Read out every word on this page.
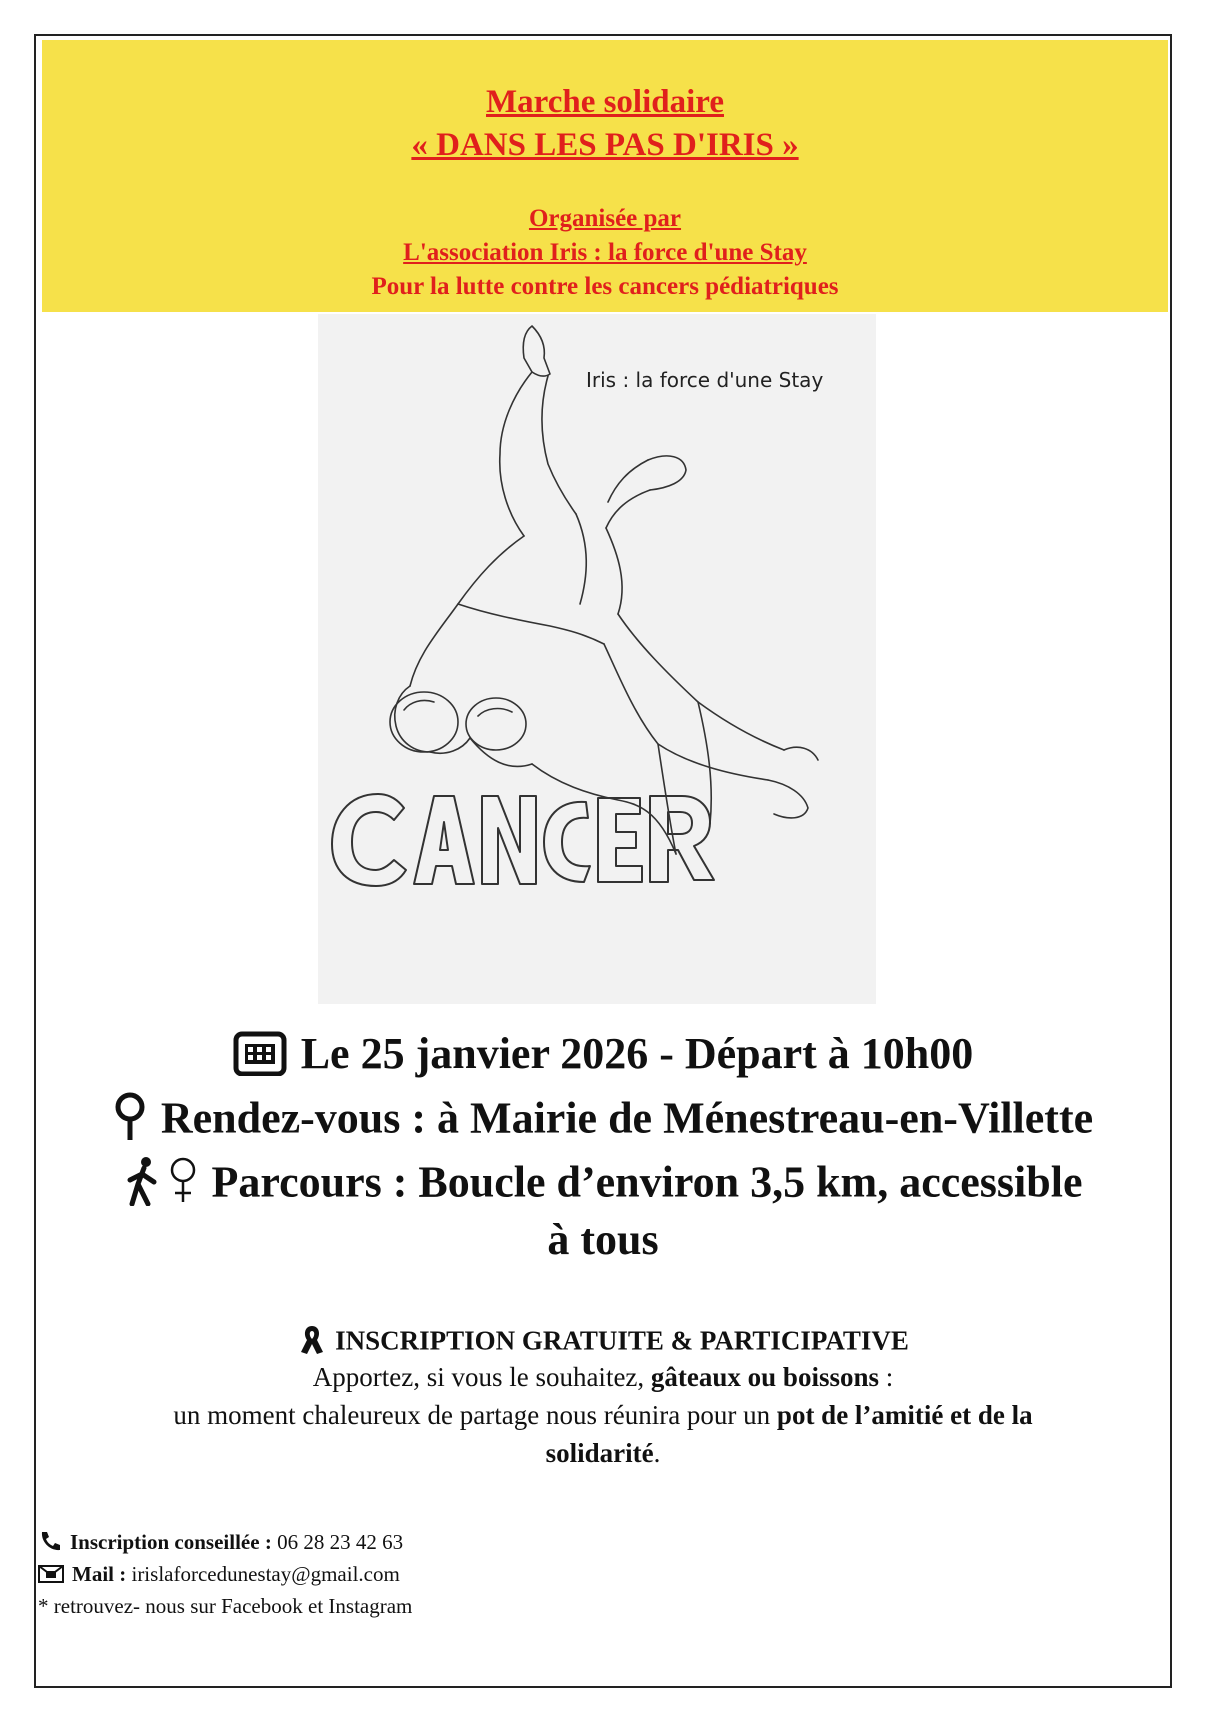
Marche solidaire
« DANS LES PAS D'IRIS »
Organisée par
L'association Iris : la force d'une Stay
Pour la lutte contre les cancers pédiatriques
Iris : la force d'une Stay
Le 25 janvier 2026 - Départ à 10h00
Rendez-vous : à Mairie de Ménestreau-en-Villette
Parcours : Boucle d’environ 3,5 km, accessible
à tous
INSCRIPTION GRATUITE & PARTICIPATIVE
Apportez, si vous le souhaitez, gâteaux ou boissons :
un moment chaleureux de partage nous réunira pour un pot de l’amitié et de la
solidarité.
Inscription conseillée : 06 28 23 42 63
Mail : irislaforcedunestay@gmail.com
* retrouvez- nous sur Facebook et Instagram
